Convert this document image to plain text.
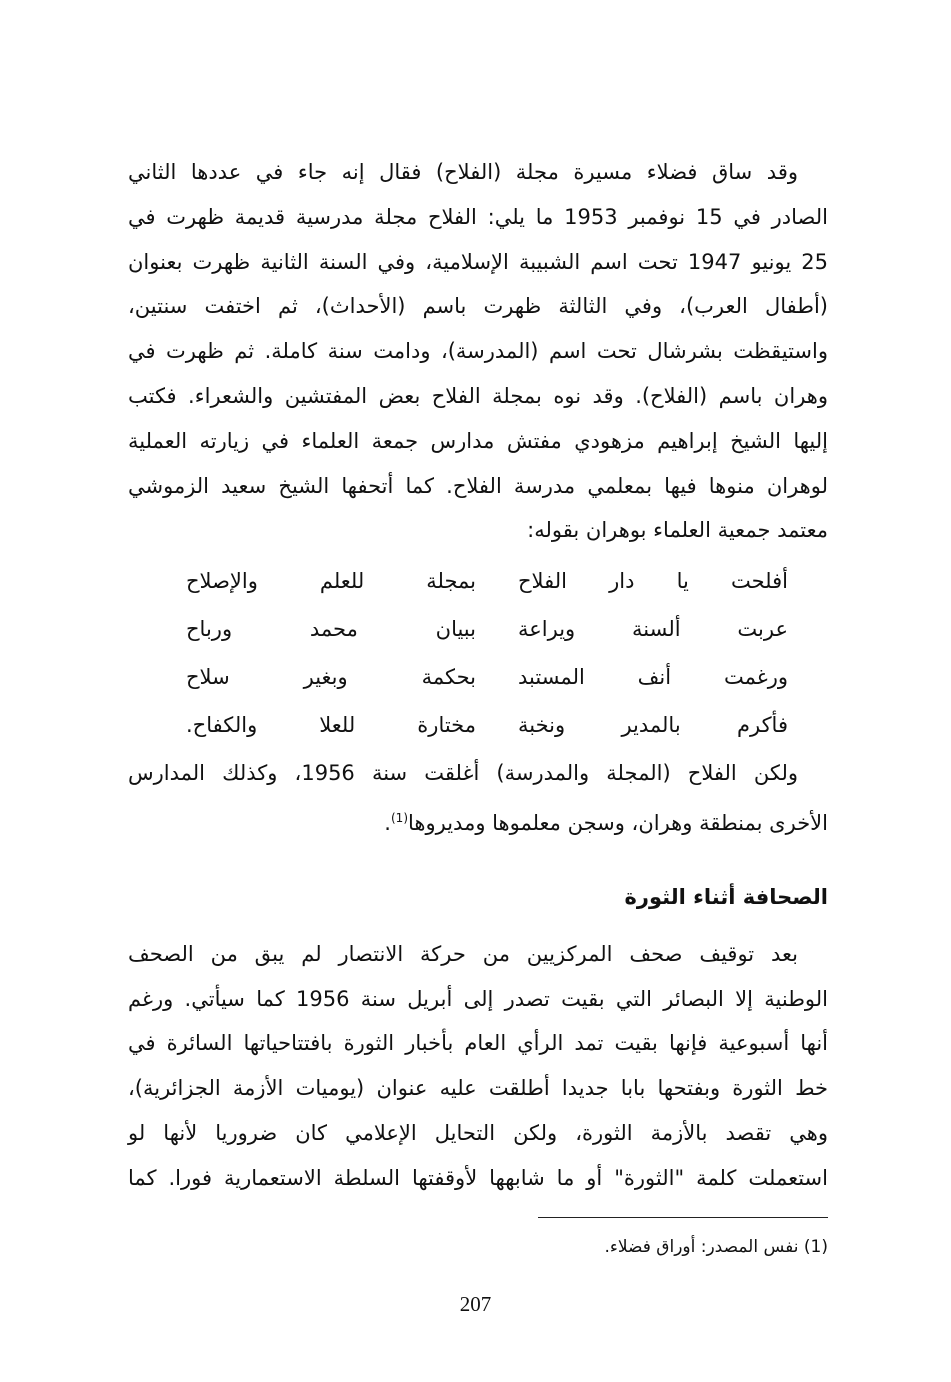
وقد ساق فضلاء مسيرة مجلة (الفلاح) فقال إنه جاء في عددها الثاني
الصادر في 15 نوفمبر 1953 ما يلي: الفلاح مجلة مدرسية قديمة ظهرت في
25 يونيو 1947 تحت اسم الشبيبة الإسلامية، وفي السنة الثانية ظهرت بعنوان
(أطفال العرب)، وفي الثالثة ظهرت باسم (الأحداث)، ثم اختفت سنتين،
واستيقظت بشرشال تحت اسم (المدرسة)، ودامت سنة كاملة. ثم ظهرت في
وهران باسم (الفلاح). وقد نوه بمجلة الفلاح بعض المفتشين والشعراء. فكتب
إليها الشيخ إبراهيم مزهودي مفتش مدارس جمعة العلماء في زيارته العملية
لوهران منوها فيها بمعلمي مدرسة الفلاح. كما أتحفها الشيخ سعيد الزموشي
معتمد جمعية العلماء بوهران بقوله:
أفلحت يا دار الفلاح
بمجلة للعلم والإصلاح
عربت ألسنة ويراعة
ببيان محمد ورباح
ورغمت أنف المستبد
بحكمة وبغير سلاح
فأكرم بالمدير ونخبة
مختارة للعلا والكفاح.
ولكن الفلاح (المجلة والمدرسة) أغلقت سنة 1956، وكذلك المدارس
الأخرى بمنطقة وهران، وسجن معلموها ومديروها$^{(1)}$.
الصحافة أثناء الثورة
بعد توقيف صحف المركزيين من حركة الانتصار لم يبق من الصحف
الوطنية إلا البصائر التي بقيت تصدر إلى أبريل سنة 1956 كما سيأتي. ورغم
أنها أسبوعية فإنها بقيت تمد الرأي العام بأخبار الثورة بافتتاحياتها السائرة في
خط الثورة وبفتحها بابا جديدا أطلقت عليه عنوان (يوميات الأزمة الجزائرية)،
وهي تقصد بالأزمة الثورة، ولكن التحايل الإعلامي كان ضروريا لأنها لو
استعملت كلمة "الثورة" أو ما شابهها لأوقفتها السلطة الاستعمارية فورا. كما
(1) نفس المصدر: أوراق فضلاء.
207
